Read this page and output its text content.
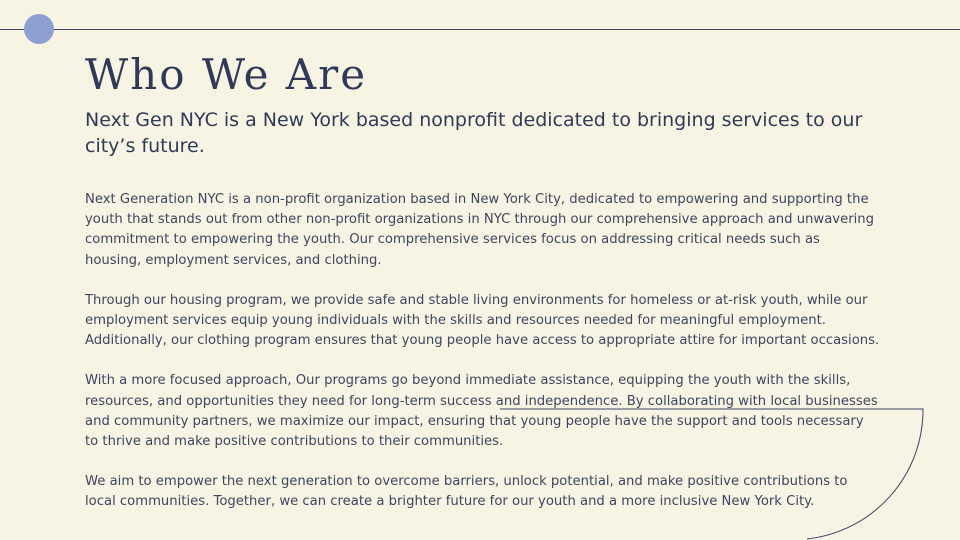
Who We Are
Next Gen NYC is a New York based nonprofit dedicated to bringing services to our city’s future.

Next Generation NYC is a non-profit organization based in New York City, dedicated to empowering and supporting the youth that stands out from other non-profit organizations in NYC through our comprehensive approach and unwavering commitment to empowering the youth. Our comprehensive services focus on addressing critical needs such as housing, employment services, and clothing.

Through our housing program, we provide safe and stable living environments for homeless or at-risk youth, while our employment services equip young individuals with the skills and resources needed for meaningful employment. Additionally, our clothing program ensures that young people have access to appropriate attire for important occasions.

With a more focused approach, Our programs go beyond immediate assistance, equipping the youth with the skills, resources, and opportunities they need for long-term success and independence. By collaborating with local businesses and community partners, we maximize our impact, ensuring that young people have the support and tools necessary to thrive and make positive contributions to their communities.

We aim to empower the next generation to overcome barriers, unlock potential, and make positive contributions to local communities. Together, we can create a brighter future for our youth and a more inclusive New York City.
